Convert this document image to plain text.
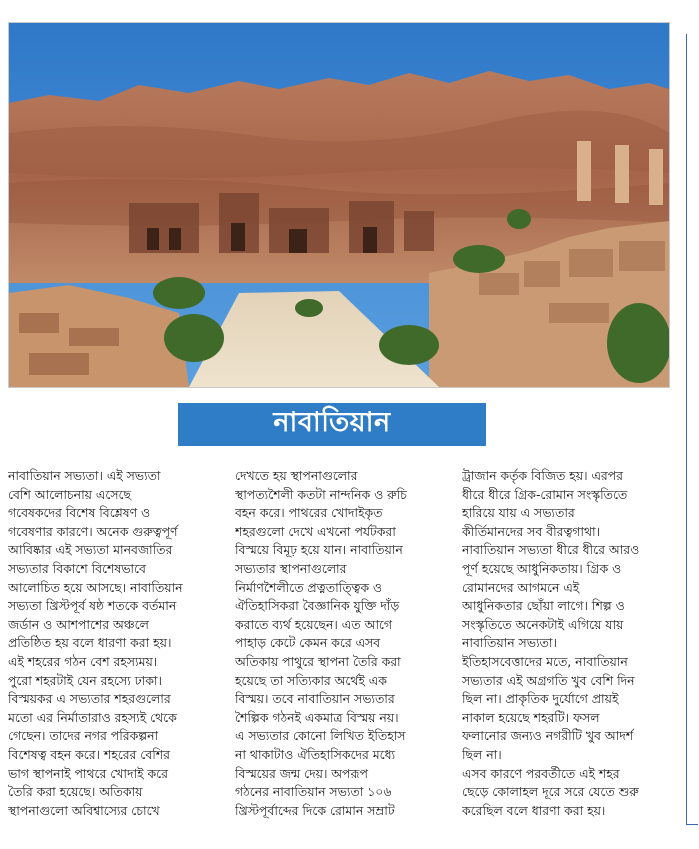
নাবাতিয়ান
নাবাতিয়ান সভ্যতা। এই সভ্যতা
বেশি আলোচনায় এসেছে
গবেষকদের বিশেষ বিশ্লেষণ ও
গবেষণার কারণে। অনেক গুরুত্বপূর্ণ
আবিষ্কার এই সভ্যতা মানবজাতির
সভ্যতার বিকাশে বিশেষভাবে
আলোচিত হয়ে আসছে। নাবাতিয়ান
সভ্যতা খ্রিস্টপূর্ব ষষ্ঠ শতকে বর্তমান
জর্ডান ও আশপাশের অঞ্চলে
প্রতিষ্ঠিত হয় বলে ধারণা করা হয়।
এই শহরের গঠন বেশ রহস্যময়।
পুরো শহরটাই যেন রহস্যে ঢাকা।
বিস্ময়কর এ সভ্যতার শহরগুলোর
মতো এর নির্মাতারাও রহস্যই থেকে
গেছেন। তাদের নগর পরিকল্পনা
বিশেষত্ব বহন করে। শহরের বেশির
ভাগ স্থাপনাই পাথরে খোদাই করে
তৈরি করা হয়েছে। অতিকায়
স্থাপনাগুলো অবিশ্বাস্যের চোখে
দেখতে হয় স্থাপনাগুলোর
স্থাপত্যশৈলী কতটা নান্দনিক ও রুচি
বহন করে। পাথরের খোদাইকৃত
শহরগুলো দেখে এখনো পর্যটকরা
বিস্ময়ে বিমূঢ় হয়ে যান। নাবাতিয়ান
সভ্যতার স্থাপনাগুলোর
নির্মাণশৈলীতে প্রত্নতাত্ত্বিক ও
ঐতিহাসিকরা বৈজ্ঞানিক যুক্তি দাঁড়
করাতে ব্যর্থ হয়েছেন। এত আগে
পাহাড় কেটে কেমন করে এসব
অতিকায় পাথুরে স্থাপনা তৈরি করা
হয়েছে তা সত্যিকার অর্থেই এক
বিস্ময়। তবে নাবাতিয়ান সভ্যতার
শৈল্পিক গঠনই একমাত্র বিস্ময় নয়।
এ সভ্যতার কোনো লিখিত ইতিহাস
না থাকাটাও ঐতিহাসিকদের মধ্যে
বিস্ময়ের জন্ম দেয়। অপরূপ
গঠনের নাবাতিয়ান সভ্যতা ১০৬
খ্রিস্টপূর্বাব্দের দিকে রোমান সম্রাট
ট্রাজান কর্তৃক বিজিত হয়। এরপর
ধীরে ধীরে গ্রিক-রোমান সংস্কৃতিতে
হারিয়ে যায় এ সভ্যতার
কীর্তিমানদের সব বীরত্বগাথা।
নাবাতিয়ান সভ্যতা ধীরে ধীরে আরও
পূর্ণ হয়েছে আধুনিকতায়। গ্রিক ও
রোমানদের আগমনে এই
আধুনিকতার ছোঁয়া লাগে। শিল্প ও
সংস্কৃতিতে অনেকটাই এগিয়ে যায়
নাবাতিয়ান সভ্যতা।
ইতিহাসবেত্তাদের মতে, নাবাতিয়ান
সভ্যতার এই অগ্রগতি খুব বেশি দিন
ছিল না। প্রাকৃতিক দুর্যোগে প্রায়ই
নাকাল হয়েছে শহরটি। ফসল
ফলানোর জন্যও নগরীটি খুব আদর্শ
ছিল না।
এসব কারণে পরবর্তীতে এই শহর
ছেড়ে কোলাহল দূরে সরে যেতে শুরু
করেছিল বলে ধারণা করা হয়।
